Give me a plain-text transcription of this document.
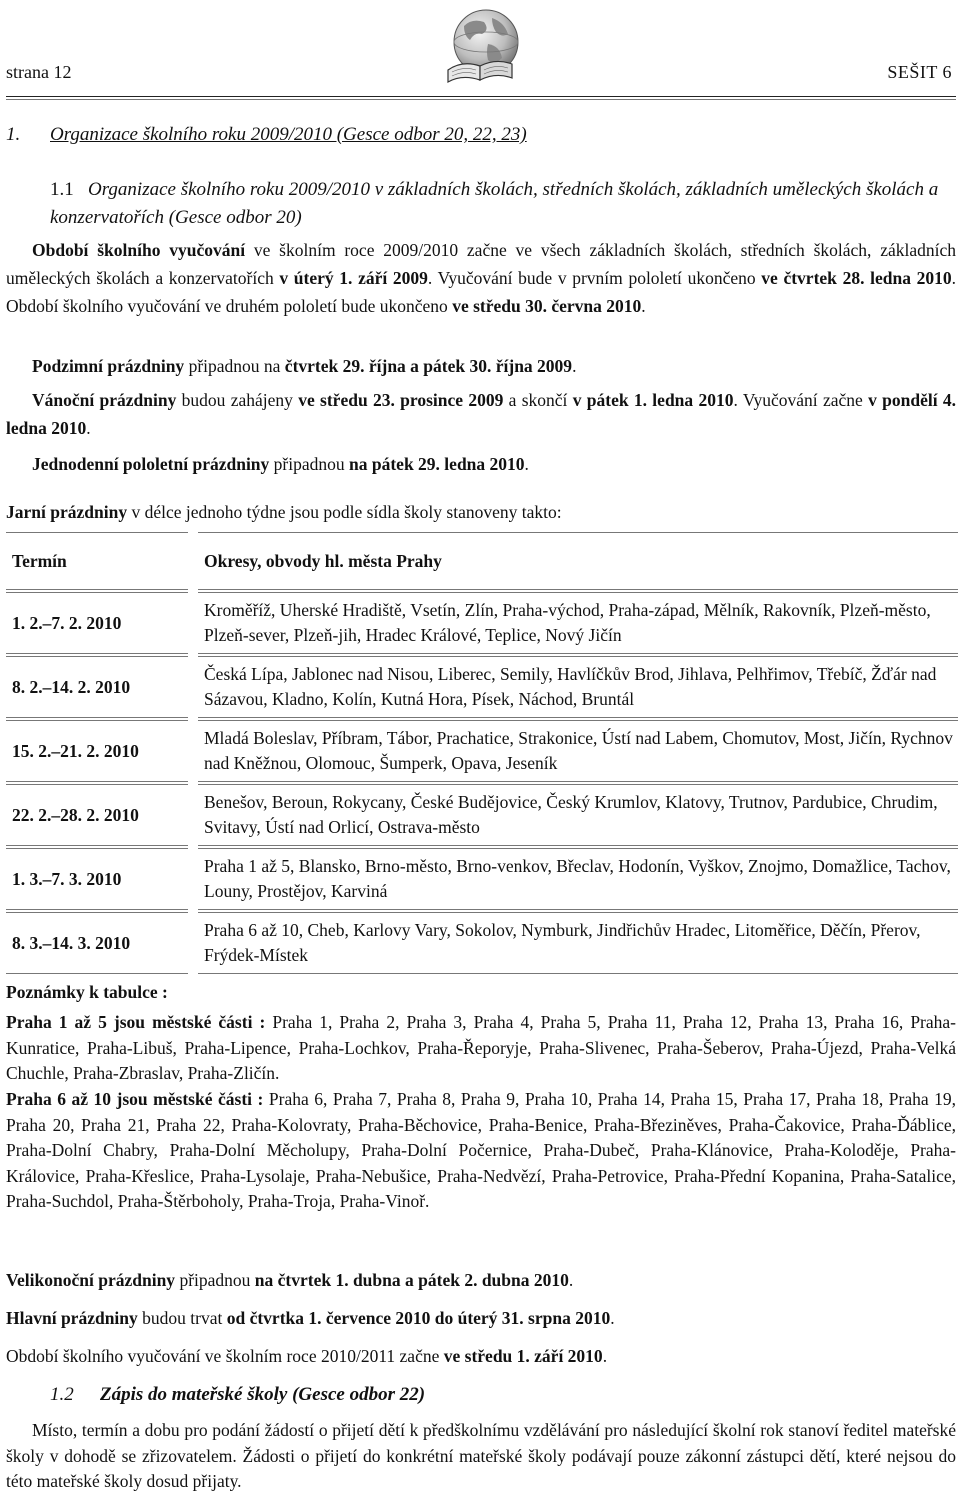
strana 12	SEŠIT 6
1. Organizace školního roku 2009/2010 (Gesce odbor 20, 22, 23)
1.1 Organizace školního roku 2009/2010 v základních školách, středních školách, základních uměleckých školách a konzervatořích (Gesce odbor 20)
Období školního vyučování ve školním roce 2009/2010 začne ve všech základních školách, středních školách, základních uměleckých školách a konzervatořích v úterý 1. září 2009. Vyučování bude v prvním pololetí ukončeno ve čtvrtek 28. ledna 2010. Období školního vyučování ve druhém pololetí bude ukončeno ve středu 30. června 2010.
Podzimní prázdniny připadnou na čtvrtek 29. října a pátek 30. října 2009.
Vánoční prázdniny budou zahájeny ve středu 23. prosince 2009 a skončí v pátek 1. ledna 2010. Vyučování začne v pondělí 4. ledna 2010.
Jednodenní pololetní prázdniny připadnou na pátek 29. ledna 2010.
Jarní prázdniny v délce jednoho týdne jsou podle sídla školy stanoveny takto:
Termín		Okresy, obvody hl. města Prahy

1. 2.–7. 2. 2010		Kroměříž, Uherské Hradiště, Vsetín, Zlín, Praha-východ, Praha-západ, Mělník, Rakovník, Plzeň-město, Plzeň-sever, Plzeň-jih, Hradec Králové, Teplice, Nový Jičín

8. 2.–14. 2. 2010		Česká Lípa, Jablonec nad Nisou, Liberec, Semily, Havlíčkův Brod, Jihlava, Pelhřimov, Třebíč, Žďár nad Sázavou, Kladno, Kolín, Kutná Hora, Písek, Náchod, Bruntál

15. 2.–21. 2. 2010		Mladá Boleslav, Příbram, Tábor, Prachatice, Strakonice, Ústí nad Labem, Chomutov, Most, Jičín, Rychnov nad Kněžnou, Olomouc, Šumperk, Opava, Jeseník

22. 2.–28. 2. 2010		Benešov, Beroun, Rokycany, České Budějovice, Český Krumlov, Klatovy, Trutnov, Pardubice, Chrudim, Svitavy, Ústí nad Orlicí, Ostrava-město

1. 3.–7. 3. 2010		Praha 1 až 5, Blansko, Brno-město, Brno-venkov, Břeclav, Hodonín, Vyškov, Znojmo, Domažlice, Tachov, Louny, Prostějov, Karviná

8. 3.–14. 3. 2010		Praha 6 až 10, Cheb, Karlovy Vary, Sokolov, Nymburk, Jindřichův Hradec, Litoměřice, Děčín, Přerov, Frýdek-Místek
Poznámky k tabulce :
Praha 1 až 5 jsou městské části : Praha 1, Praha 2, Praha 3, Praha 4, Praha 5, Praha 11, Praha 12, Praha 13, Praha 16, Praha-Kunratice, Praha-Libuš, Praha-Lipence, Praha-Lochkov, Praha-Řeporyje, Praha-Slivenec, Praha-Šeberov, Praha-Újezd, Praha-Velká Chuchle, Praha-Zbraslav, Praha-Zličín.
Praha 6 až 10 jsou městské části : Praha 6, Praha 7, Praha 8, Praha 9, Praha 10, Praha 14, Praha 15, Praha 17, Praha 18, Praha 19, Praha 20, Praha 21, Praha 22, Praha-Kolovraty, Praha-Běchovice, Praha-Benice, Praha-Březiněves, Praha-Čakovice, Praha-Ďáblice, Praha-Dolní Chabry, Praha-Dolní Měcholupy, Praha-Dolní Počernice, Praha-Dubeč, Praha-Klánovice, Praha-Koloděje, Praha-Královice, Praha-Křeslice, Praha-Lysolaje, Praha-Nebušice, Praha-Nedvězí, Praha-Petrovice, Praha-Přední Kopanina, Praha-Satalice, Praha-Suchdol, Praha-Štěrboholy, Praha-Troja, Praha-Vinoř.
Velikonoční prázdniny připadnou na čtvrtek 1. dubna a pátek 2. dubna 2010.
Hlavní prázdniny budou trvat od čtvrtka 1. července 2010 do úterý 31. srpna 2010.
Období školního vyučování ve školním roce 2010/2011 začne ve středu 1. září 2010.
1.2 Zápis do mateřské školy (Gesce odbor 22)
Místo, termín a dobu pro podání žádostí o přijetí dětí k předškolnímu vzdělávání pro následující školní rok stanoví ředitel mateřské školy v dohodě se zřizovatelem. Žádosti o přijetí do konkrétní mateřské školy podávají pouze zákonní zástupci dětí, které nejsou do této mateřské školy dosud přijaty.
